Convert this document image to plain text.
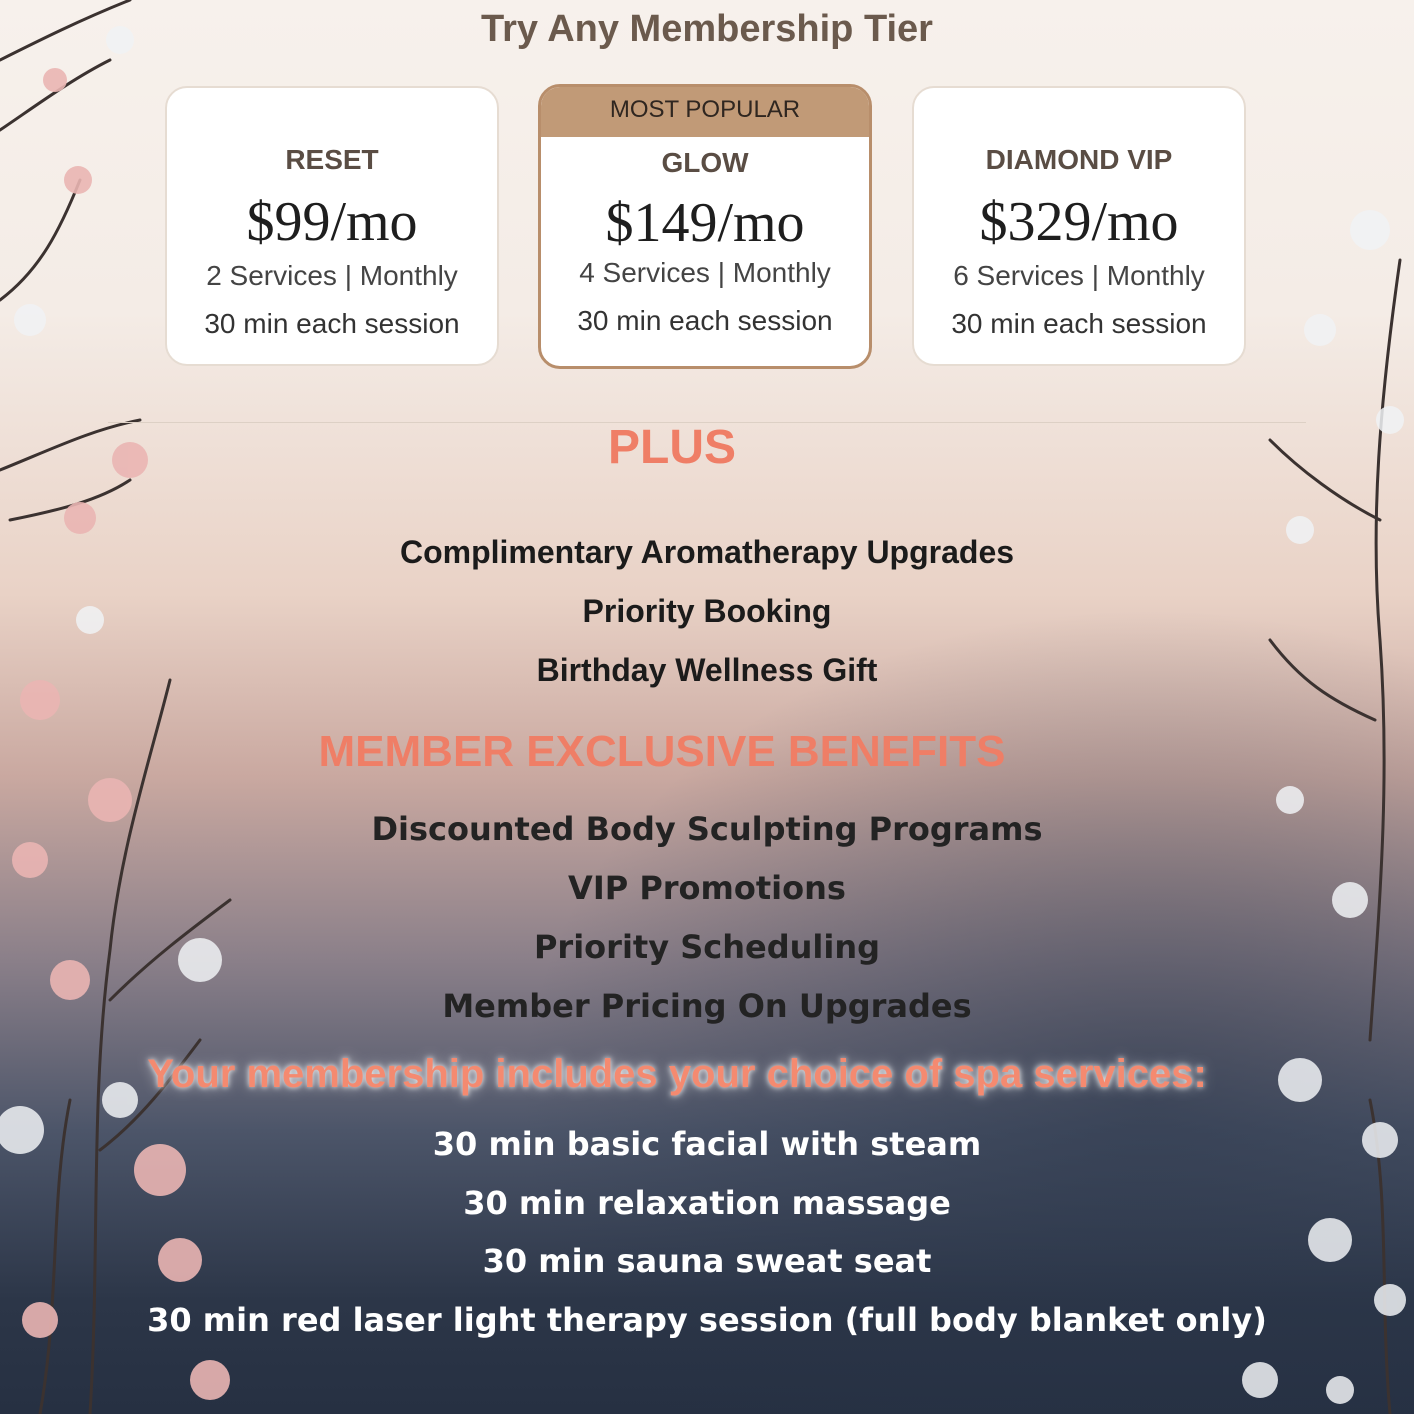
Try Any Membership Tier
RESET
$99/mo
2 Services | Monthly
30 min each session
MOST POPULAR
GLOW
$149/mo
4 Services | Monthly
30 min each session
DIAMOND VIP
$329/mo
6 Services | Monthly
30 min each session
PLUS
Complimentary Aromatherapy Upgrades
Priority Booking
Birthday Wellness Gift
MEMBER EXCLUSIVE BENEFITS
Discounted Body Sculpting Programs
VIP Promotions
Priority Scheduling
Member Pricing On Upgrades
Your membership includes your choice of spa services:
30 min basic facial with steam
30 min relaxation massage
30 min sauna sweat seat
30 min red laser light therapy session (full body blanket only)
